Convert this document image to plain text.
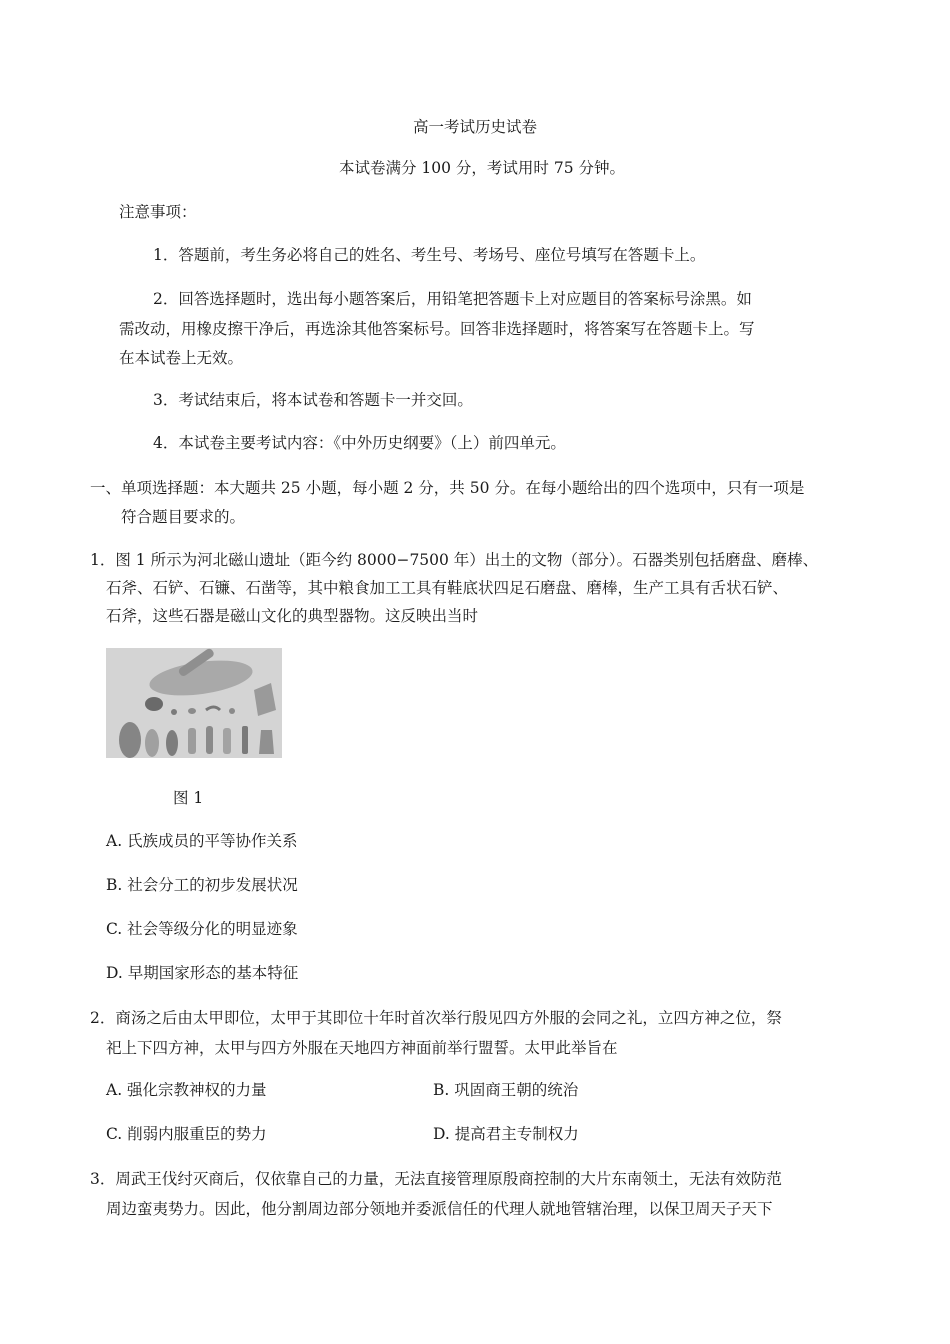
高一考试历史试卷
本试卷满分 100 分，考试用时 75 分钟。
注意事项：
1．答题前，考生务必将自己的姓名、考生号、考场号、座位号填写在答题卡上。
2．回答选择题时，选出每小题答案后，用铅笔把答题卡上对应题目的答案标号涂黑。如
需改动，用橡皮擦干净后，再选涂其他答案标号。回答非选择题时，将答案写在答题卡上。写
在本试卷上无效。
3．考试结束后，将本试卷和答题卡一并交回。
4．本试卷主要考试内容：《中外历史纲要》（上）前四单元。
一、单项选择题：本大题共 25 小题，每小题 2 分，共 50 分。在每小题给出的四个选项中，只有一项是
符合题目要求的。
1．图 1 所示为河北磁山遗址（距今约 8000−7500 年）出土的文物（部分）。石器类别包括磨盘、磨棒、
石斧、石铲、石镰、石凿等，其中粮食加工工具有鞋底状四足石磨盘、磨棒，生产工具有舌状石铲、
石斧，这些石器是磁山文化的典型器物。这反映出当时
图 1
A. 氏族成员的平等协作关系
B. 社会分工的初步发展状况
C. 社会等级分化的明显迹象
D. 早期国家形态的基本特征
2．商汤之后由太甲即位，太甲于其即位十年时首次举行殷见四方外服的会同之礼，立四方神之位，祭
祀上下四方神，太甲与四方外服在天地四方神面前举行盟誓。太甲此举旨在
A. 强化宗教神权的力量	B. 巩固商王朝的统治
C. 削弱内服重臣的势力	D. 提高君主专制权力
3．周武王伐纣灭商后，仅依靠自己的力量，无法直接管理原殷商控制的大片东南领土，无法有效防范
周边蛮夷势力。因此，他分割周边部分领地并委派信任的代理人就地管辖治理，以保卫周天子天下
